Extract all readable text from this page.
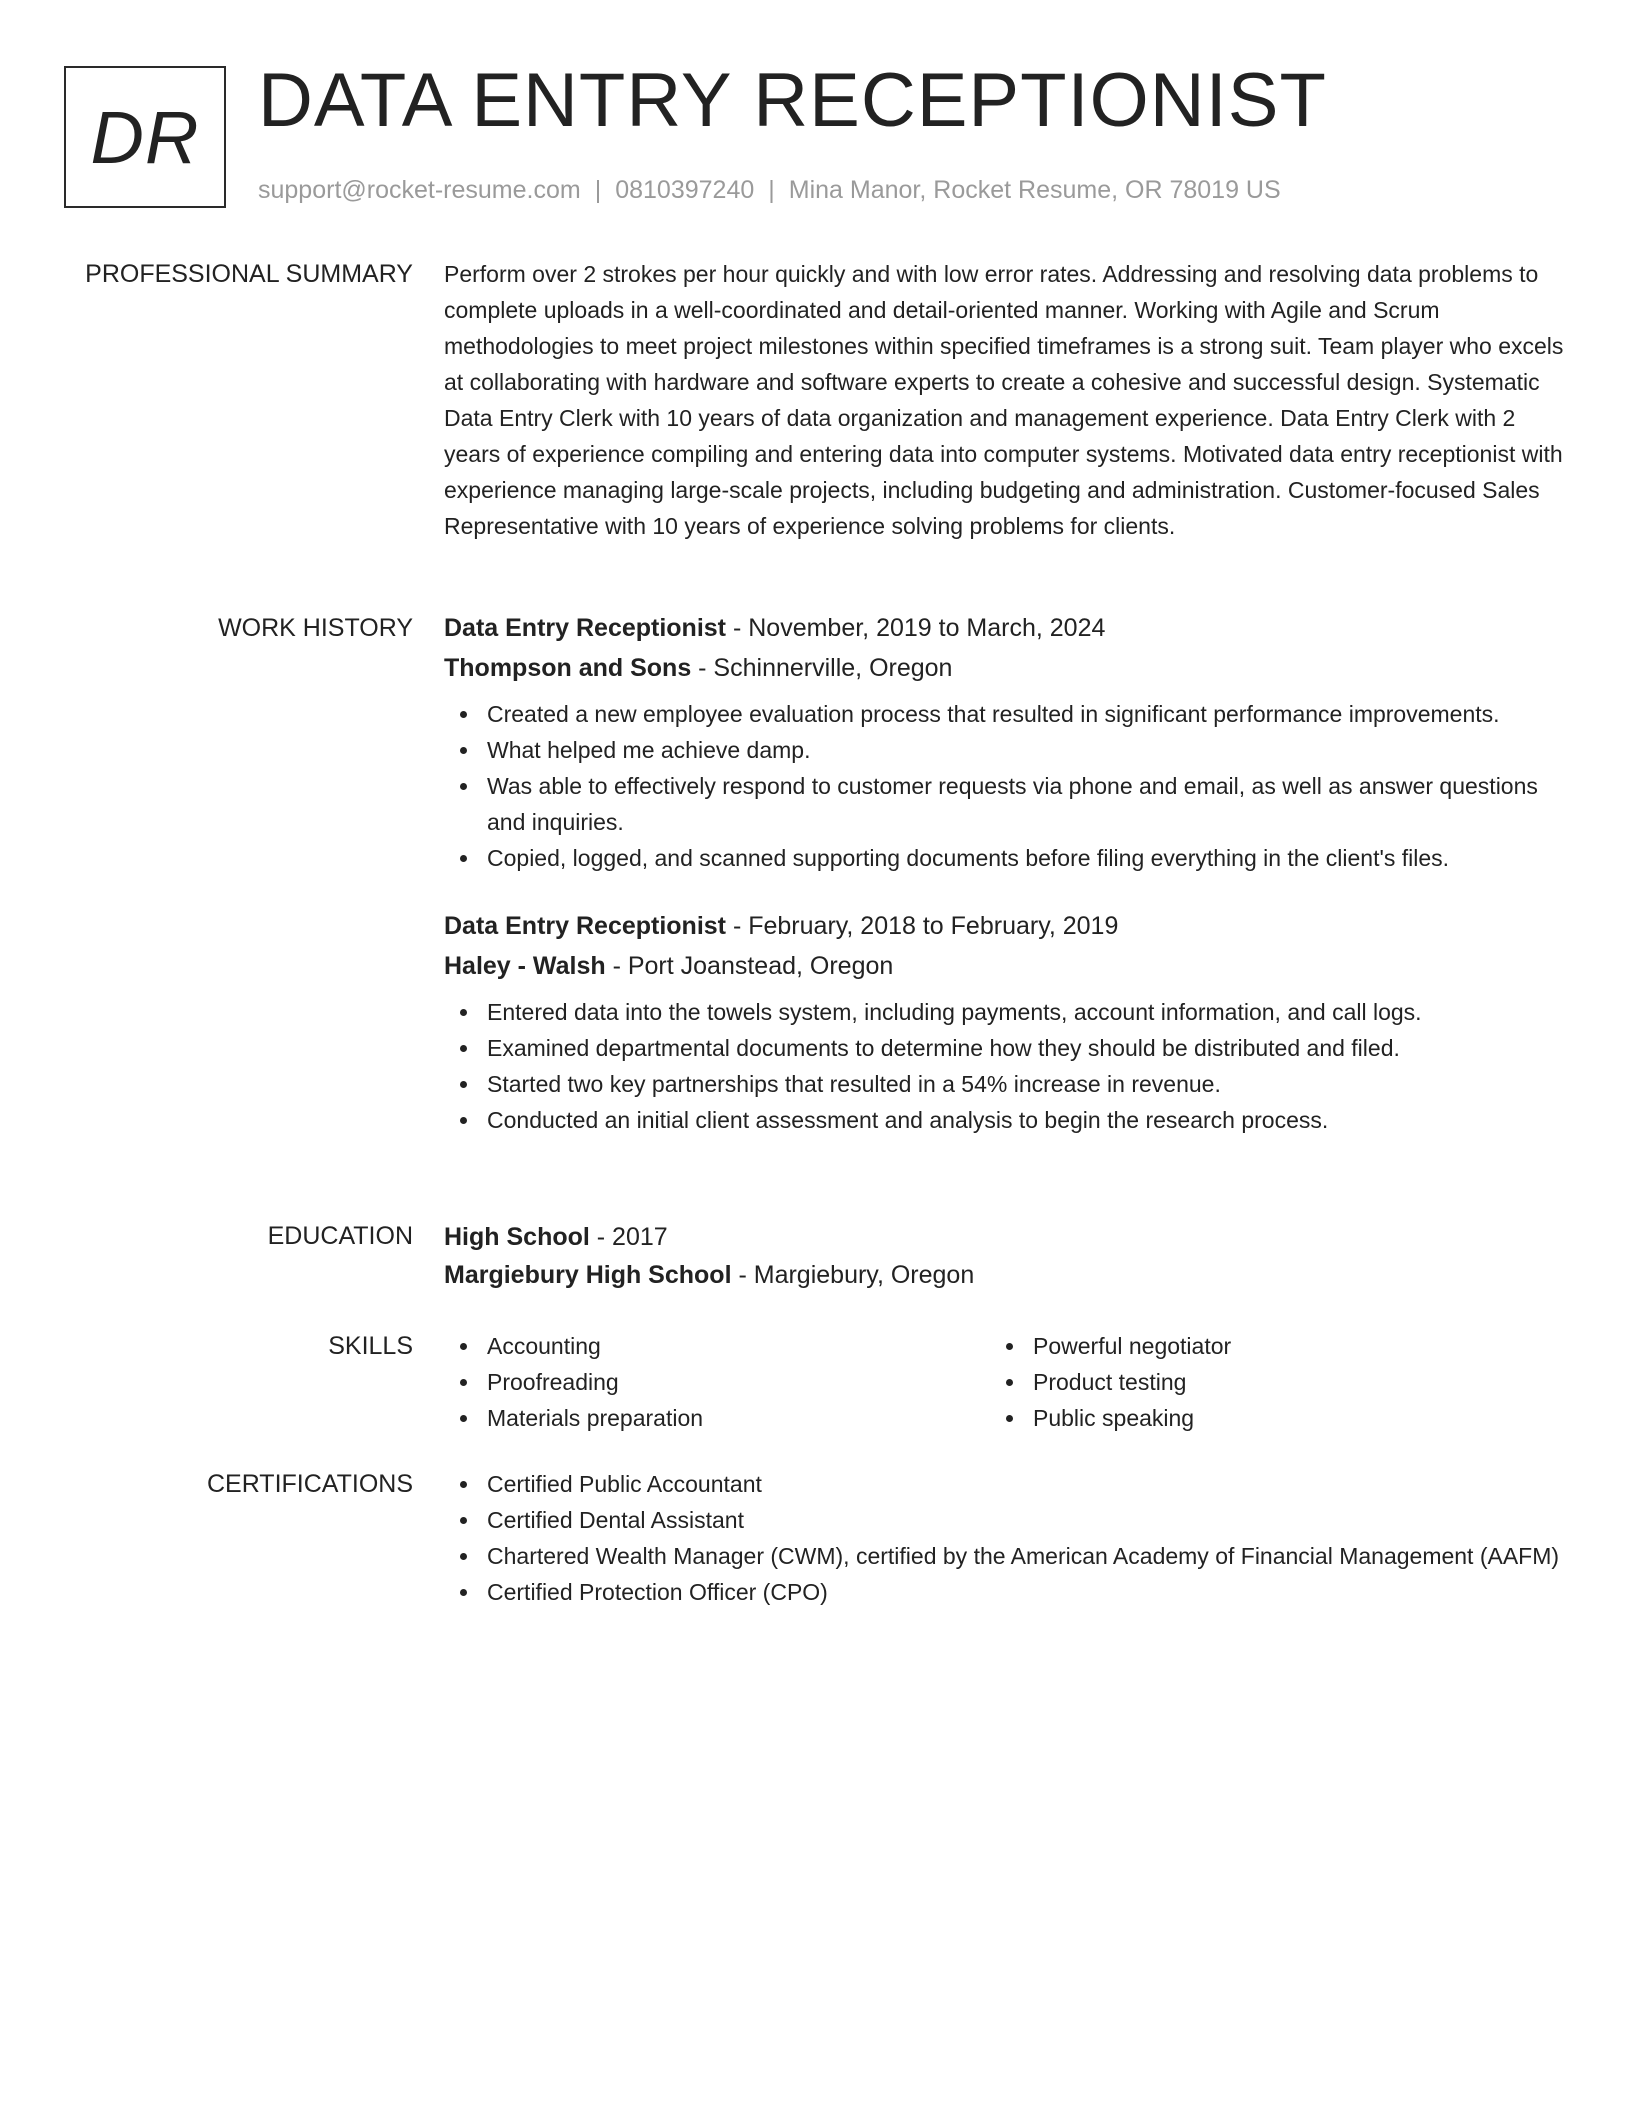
DR DATA ENTRY RECEPTIONIST
support@rocket-resume.com | 0810397240 | Mina Manor, Rocket Resume, OR 78019 US
PROFESSIONAL SUMMARY Perform over 2 strokes per hour quickly and with low error rates. Addressing and resolving data problems to complete uploads in a well-coordinated and detail-oriented manner. Working with Agile and Scrum methodologies to meet project milestones within specified timeframes is a strong suit. Team player who excels at collaborating with hardware and software experts to create a cohesive and successful design. Systematic Data Entry Clerk with 10 years of data organization and management experience. Data Entry Clerk with 2 years of experience compiling and entering data into computer systems. Motivated data entry receptionist with experience managing large-scale projects, including budgeting and administration. Customer-focused Sales Representative with 10 years of experience solving problems for clients.

WORK HISTORY Data Entry Receptionist - November, 2019 to March, 2024
Thompson and Sons - Schinnerville, Oregon
Created a new employee evaluation process that resulted in significant performance improvements.
What helped me achieve damp.
Was able to effectively respond to customer requests via phone and email, as well as answer questions and inquiries.
Copied, logged, and scanned supporting documents before filing everything in the client's files.
Data Entry Receptionist - February, 2018 to February, 2019
Haley - Walsh - Port Joanstead, Oregon
Entered data into the towels system, including payments, account information, and call logs.
Examined departmental documents to determine how they should be distributed and filed.
Started two key partnerships that resulted in a 54% increase in revenue.
Conducted an initial client assessment and analysis to begin the research process.
EDUCATION High School - 2017
Margiebury High School - Margiebury, Oregon
SKILLS	Accounting
Proofreading
Materials preparation
Powerful negotiator
Product testing
Public speaking
CERTIFICATIONS	Certified Public Accountant
Certified Dental Assistant
Chartered Wealth Manager (CWM), certified by the American Academy of Financial Management (AAFM)
Certified Protection Officer (CPO)
